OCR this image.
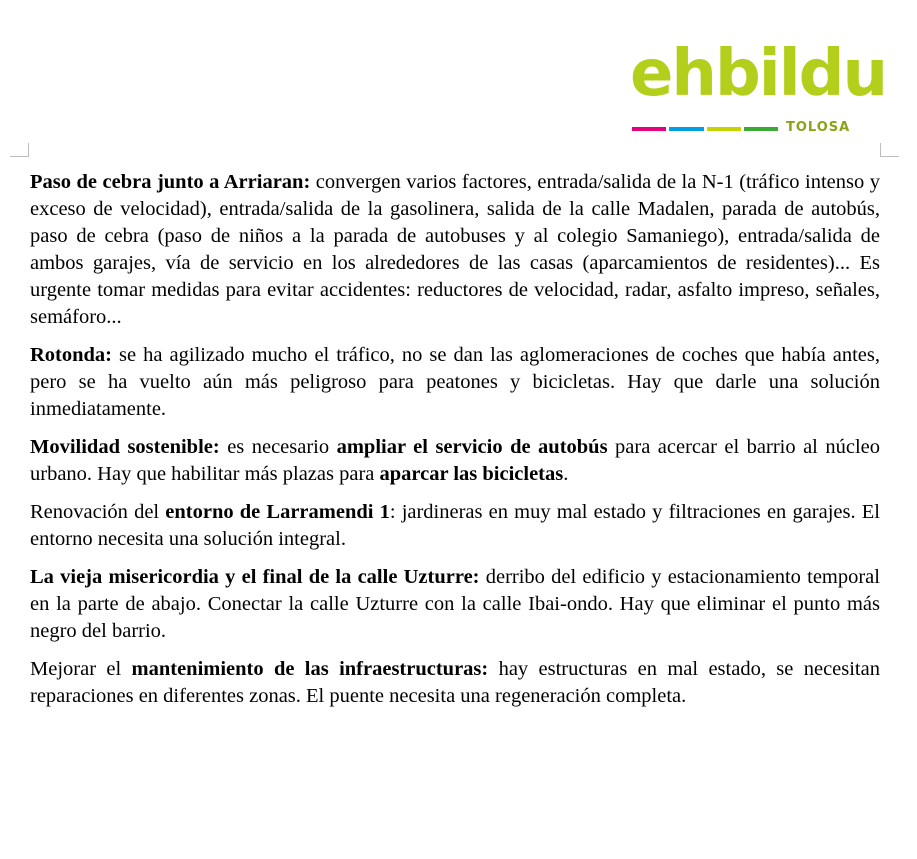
ehbildu
TOLOSA

Paso de cebra junto a Arriaran: convergen varios factores, entrada/salida de la N-1 (tráfico intenso y exceso de velocidad), entrada/salida de la gasolinera, salida de la calle Madalen, parada de autobús, paso de cebra (paso de niños a la parada de autobuses y al colegio Samaniego), entrada/salida de ambos garajes, vía de servicio en los alrededores de las casas (aparcamientos de residentes)... Es urgente tomar medidas para evitar accidentes: reductores de velocidad, radar, asfalto impreso, señales, semáforo...

Rotonda: se ha agilizado mucho el tráfico, no se dan las aglomeraciones de coches que había antes, pero se ha vuelto aún más peligroso para peatones y bicicletas. Hay que darle una solución inmediatamente.

Movilidad sostenible: es necesario ampliar el servicio de autobús para acercar el barrio al núcleo urbano. Hay que habilitar más plazas para aparcar las bicicletas.

Renovación del entorno de Larramendi 1: jardineras en muy mal estado y filtraciones en garajes. El entorno necesita una solución integral.

La vieja misericordia y el final de la calle Uzturre: derribo del edificio y estacionamiento temporal en la parte de abajo. Conectar la calle Uzturre con la calle Ibai-ondo. Hay que eliminar el punto más negro del barrio.

Mejorar el mantenimiento de las infraestructuras: hay estructuras en mal estado, se necesitan reparaciones en diferentes zonas. El puente necesita una regeneración completa.
